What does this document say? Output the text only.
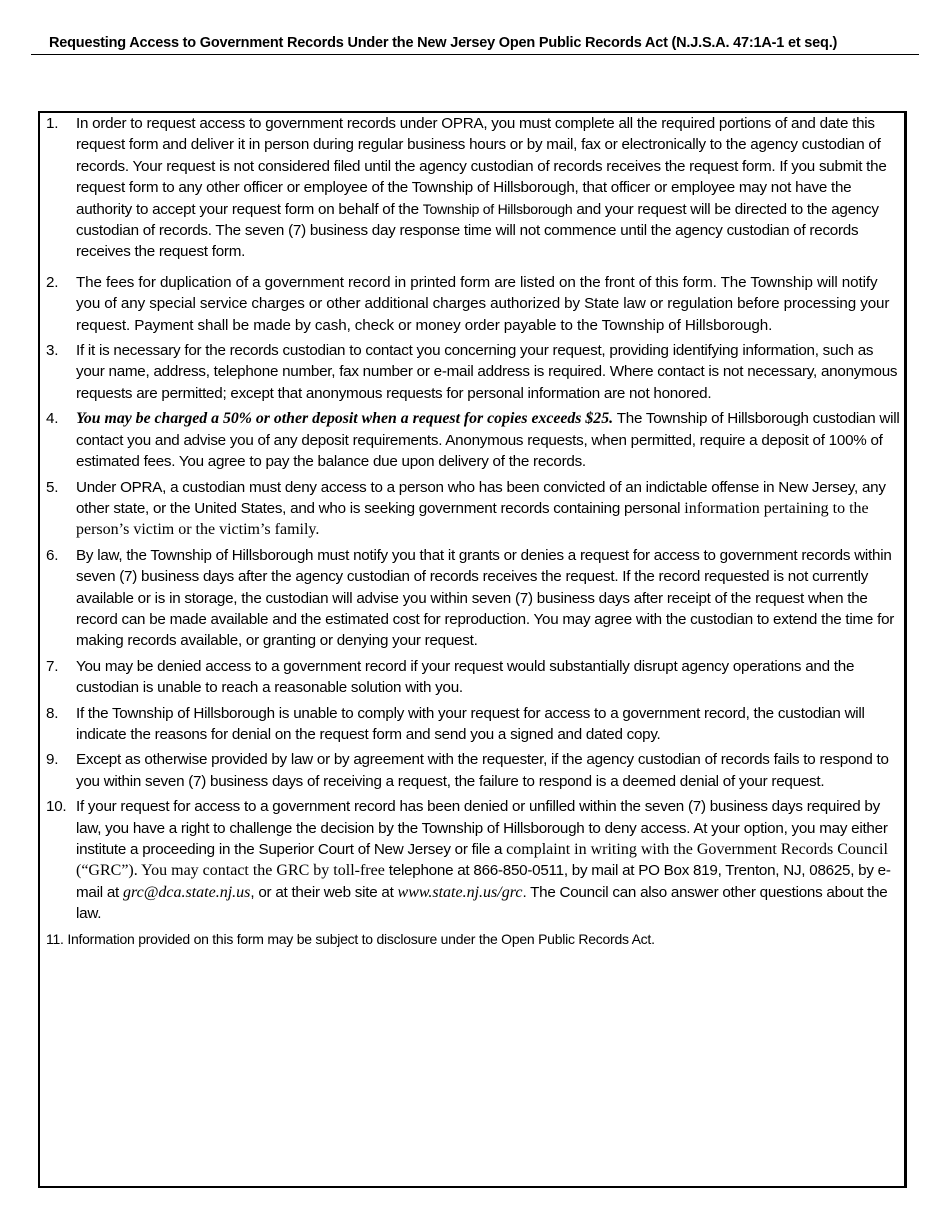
Requesting Access to Government Records Under the New Jersey Open Public Records Act (N.J.S.A. 47:1A-1 et seq.)
1. In order to request access to government records under OPRA, you must complete all the required portions of and date this request form and deliver it in person during regular business hours or by mail, fax or electronically to the agency custodian of records. Your request is not considered filed until the agency custodian of records receives the request form. If you submit the request form to any other officer or employee of the Township of Hillsborough, that officer or employee may not have the authority to accept your request form on behalf of the Township of Hillsborough and your request will be directed to the agency custodian of records. The seven (7) business day response time will not commence until the agency custodian of records receives the request form.
2. The fees for duplication of a government record in printed form are listed on the front of this form. The Township will notify you of any special service charges or other additional charges authorized by State law or regulation before processing your request. Payment shall be made by cash, check or money order payable to the Township of Hillsborough.
3. If it is necessary for the records custodian to contact you concerning your request, providing identifying information, such as your name, address, telephone number, fax number or e-mail address is required. Where contact is not necessary, anonymous requests are permitted; except that anonymous requests for personal information are not honored.
4. You may be charged a 50% or other deposit when a request for copies exceeds $25. The Township of Hillsborough custodian will contact you and advise you of any deposit requirements. Anonymous requests, when permitted, require a deposit of 100% of estimated fees. You agree to pay the balance due upon delivery of the records.
5. Under OPRA, a custodian must deny access to a person who has been convicted of an indictable offense in New Jersey, any other state, or the United States, and who is seeking government records containing personal information pertaining to the person’s victim or the victim’s family.
6. By law, the Township of Hillsborough must notify you that it grants or denies a request for access to government records within seven (7) business days after the agency custodian of records receives the request. If the record requested is not currently available or is in storage, the custodian will advise you within seven (7) business days after receipt of the request when the record can be made available and the estimated cost for reproduction. You may agree with the custodian to extend the time for making records available, or granting or denying your request.
7. You may be denied access to a government record if your request would substantially disrupt agency operations and the custodian is unable to reach a reasonable solution with you.
8. If the Township of Hillsborough is unable to comply with your request for access to a government record, the custodian will indicate the reasons for denial on the request form and send you a signed and dated copy.
9. Except as otherwise provided by law or by agreement with the requester, if the agency custodian of records fails to respond to you within seven (7) business days of receiving a request, the failure to respond is a deemed denial of your request.
10. If your request for access to a government record has been denied or unfilled within the seven (7) business days required by law, you have a right to challenge the decision by the Township of Hillsborough to deny access. At your option, you may either institute a proceeding in the Superior Court of New Jersey or file a complaint in writing with the Government Records Council (“GRC”). You may contact the GRC by toll-free telephone at 866-850-0511, by mail at PO Box 819, Trenton, NJ, 08625, by e-mail at grc@dca.state.nj.us, or at their web site at www.state.nj.us/grc. The Council can also answer other questions about the law.
11. Information provided on this form may be subject to disclosure under the Open Public Records Act.
